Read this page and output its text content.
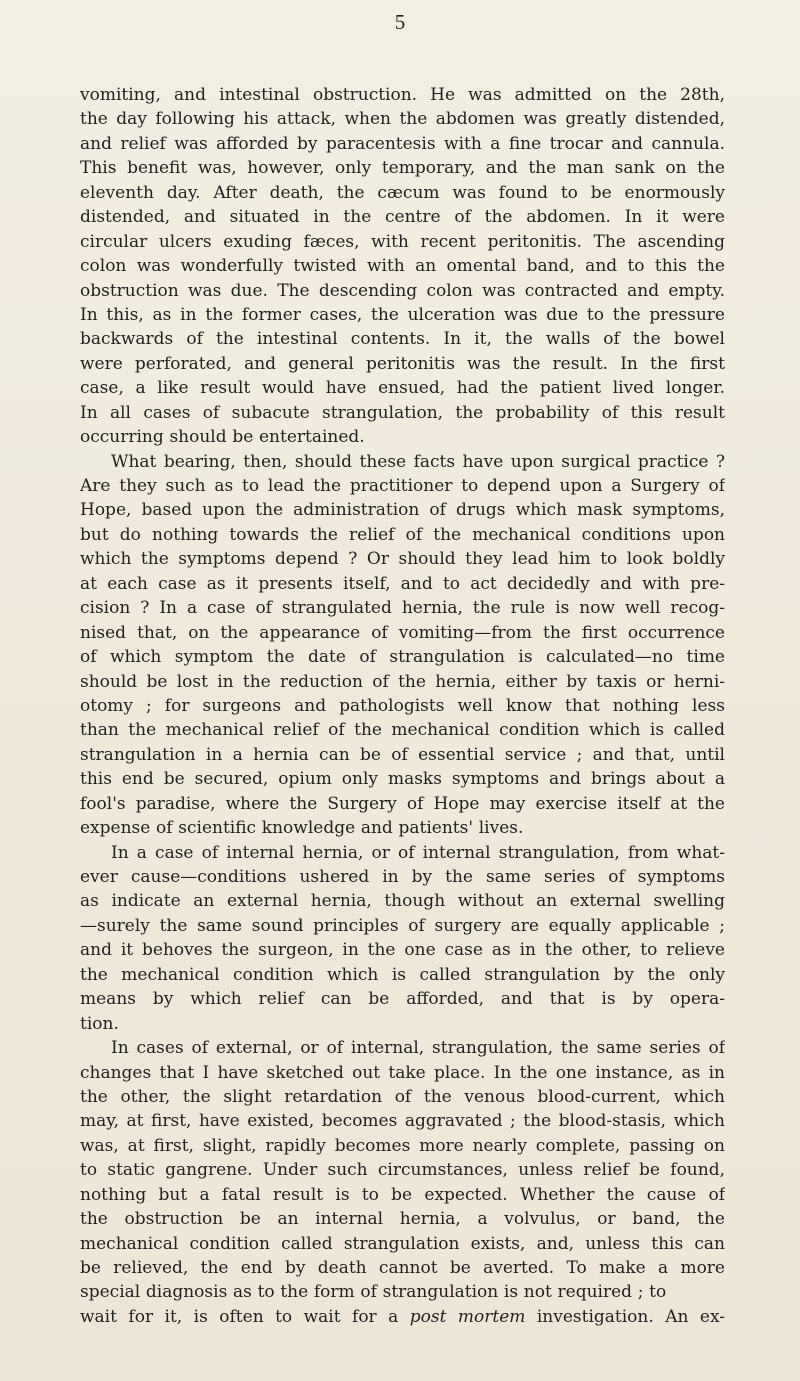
5
vomiting, and intestinal obstruction. He was admitted on the 28th,
the day following his attack, when the abdomen was greatly distended,
and relief was afforded by paracentesis with a fine trocar and cannula.
This benefit was, however, only temporary, and the man sank on the
eleventh day. After death, the cæcum was found to be enormously
distended, and situated in the centre of the abdomen. In it were
circular ulcers exuding fæces, with recent peritonitis. The ascending
colon was wonderfully twisted with an omental band, and to this the
obstruction was due. The descending colon was contracted and empty.
In this, as in the former cases, the ulceration was due to the pressure
backwards of the intestinal contents. In it, the walls of the bowel
were perforated, and general peritonitis was the result. In the first
case, a like result would have ensued, had the patient lived longer.
In all cases of subacute strangulation, the probability of this result
occurring should be entertained.
What bearing, then, should these facts have upon surgical practice ?
Are they such as to lead the practitioner to depend upon a Surgery of
Hope, based upon the administration of drugs which mask symptoms,
but do nothing towards the relief of the mechanical conditions upon
which the symptoms depend ? Or should they lead him to look boldly
at each case as it presents itself, and to act decidedly and with pre-
cision ? In a case of strangulated hernia, the rule is now well recog-
nised that, on the appearance of vomiting—from the first occurrence
of which symptom the date of strangulation is calculated—no time
should be lost in the reduction of the hernia, either by taxis or herni-
otomy ; for surgeons and pathologists well know that nothing less
than the mechanical relief of the mechanical condition which is called
strangulation in a hernia can be of essential service ; and that, until
this end be secured, opium only masks symptoms and brings about a
fool's paradise, where the Surgery of Hope may exercise itself at the
expense of scientific knowledge and patients' lives.
In a case of internal hernia, or of internal strangulation, from what-
ever cause—conditions ushered in by the same series of symptoms
as indicate an external hernia, though without an external swelling
—surely the same sound principles of surgery are equally applicable ;
and it behoves the surgeon, in the one case as in the other, to relieve
the mechanical condition which is called strangulation by the only
means by which relief can be afforded, and that is by opera-
tion.
In cases of external, or of internal, strangulation, the same series of
changes that I have sketched out take place. In the one instance, as in
the other, the slight retardation of the venous blood-current, which
may, at first, have existed, becomes aggravated ; the blood-stasis, which
was, at first, slight, rapidly becomes more nearly complete, passing on
to static gangrene. Under such circumstances, unless relief be found,
nothing but a fatal result is to be expected. Whether the cause of
the obstruction be an internal hernia, a volvulus, or band, the
mechanical condition called strangulation exists, and, unless this can
be relieved, the end by death cannot be averted. To make a more
special diagnosis as to the form of strangulation is not required ; to
wait for it, is often to wait for a post mortem investigation. An ex-
